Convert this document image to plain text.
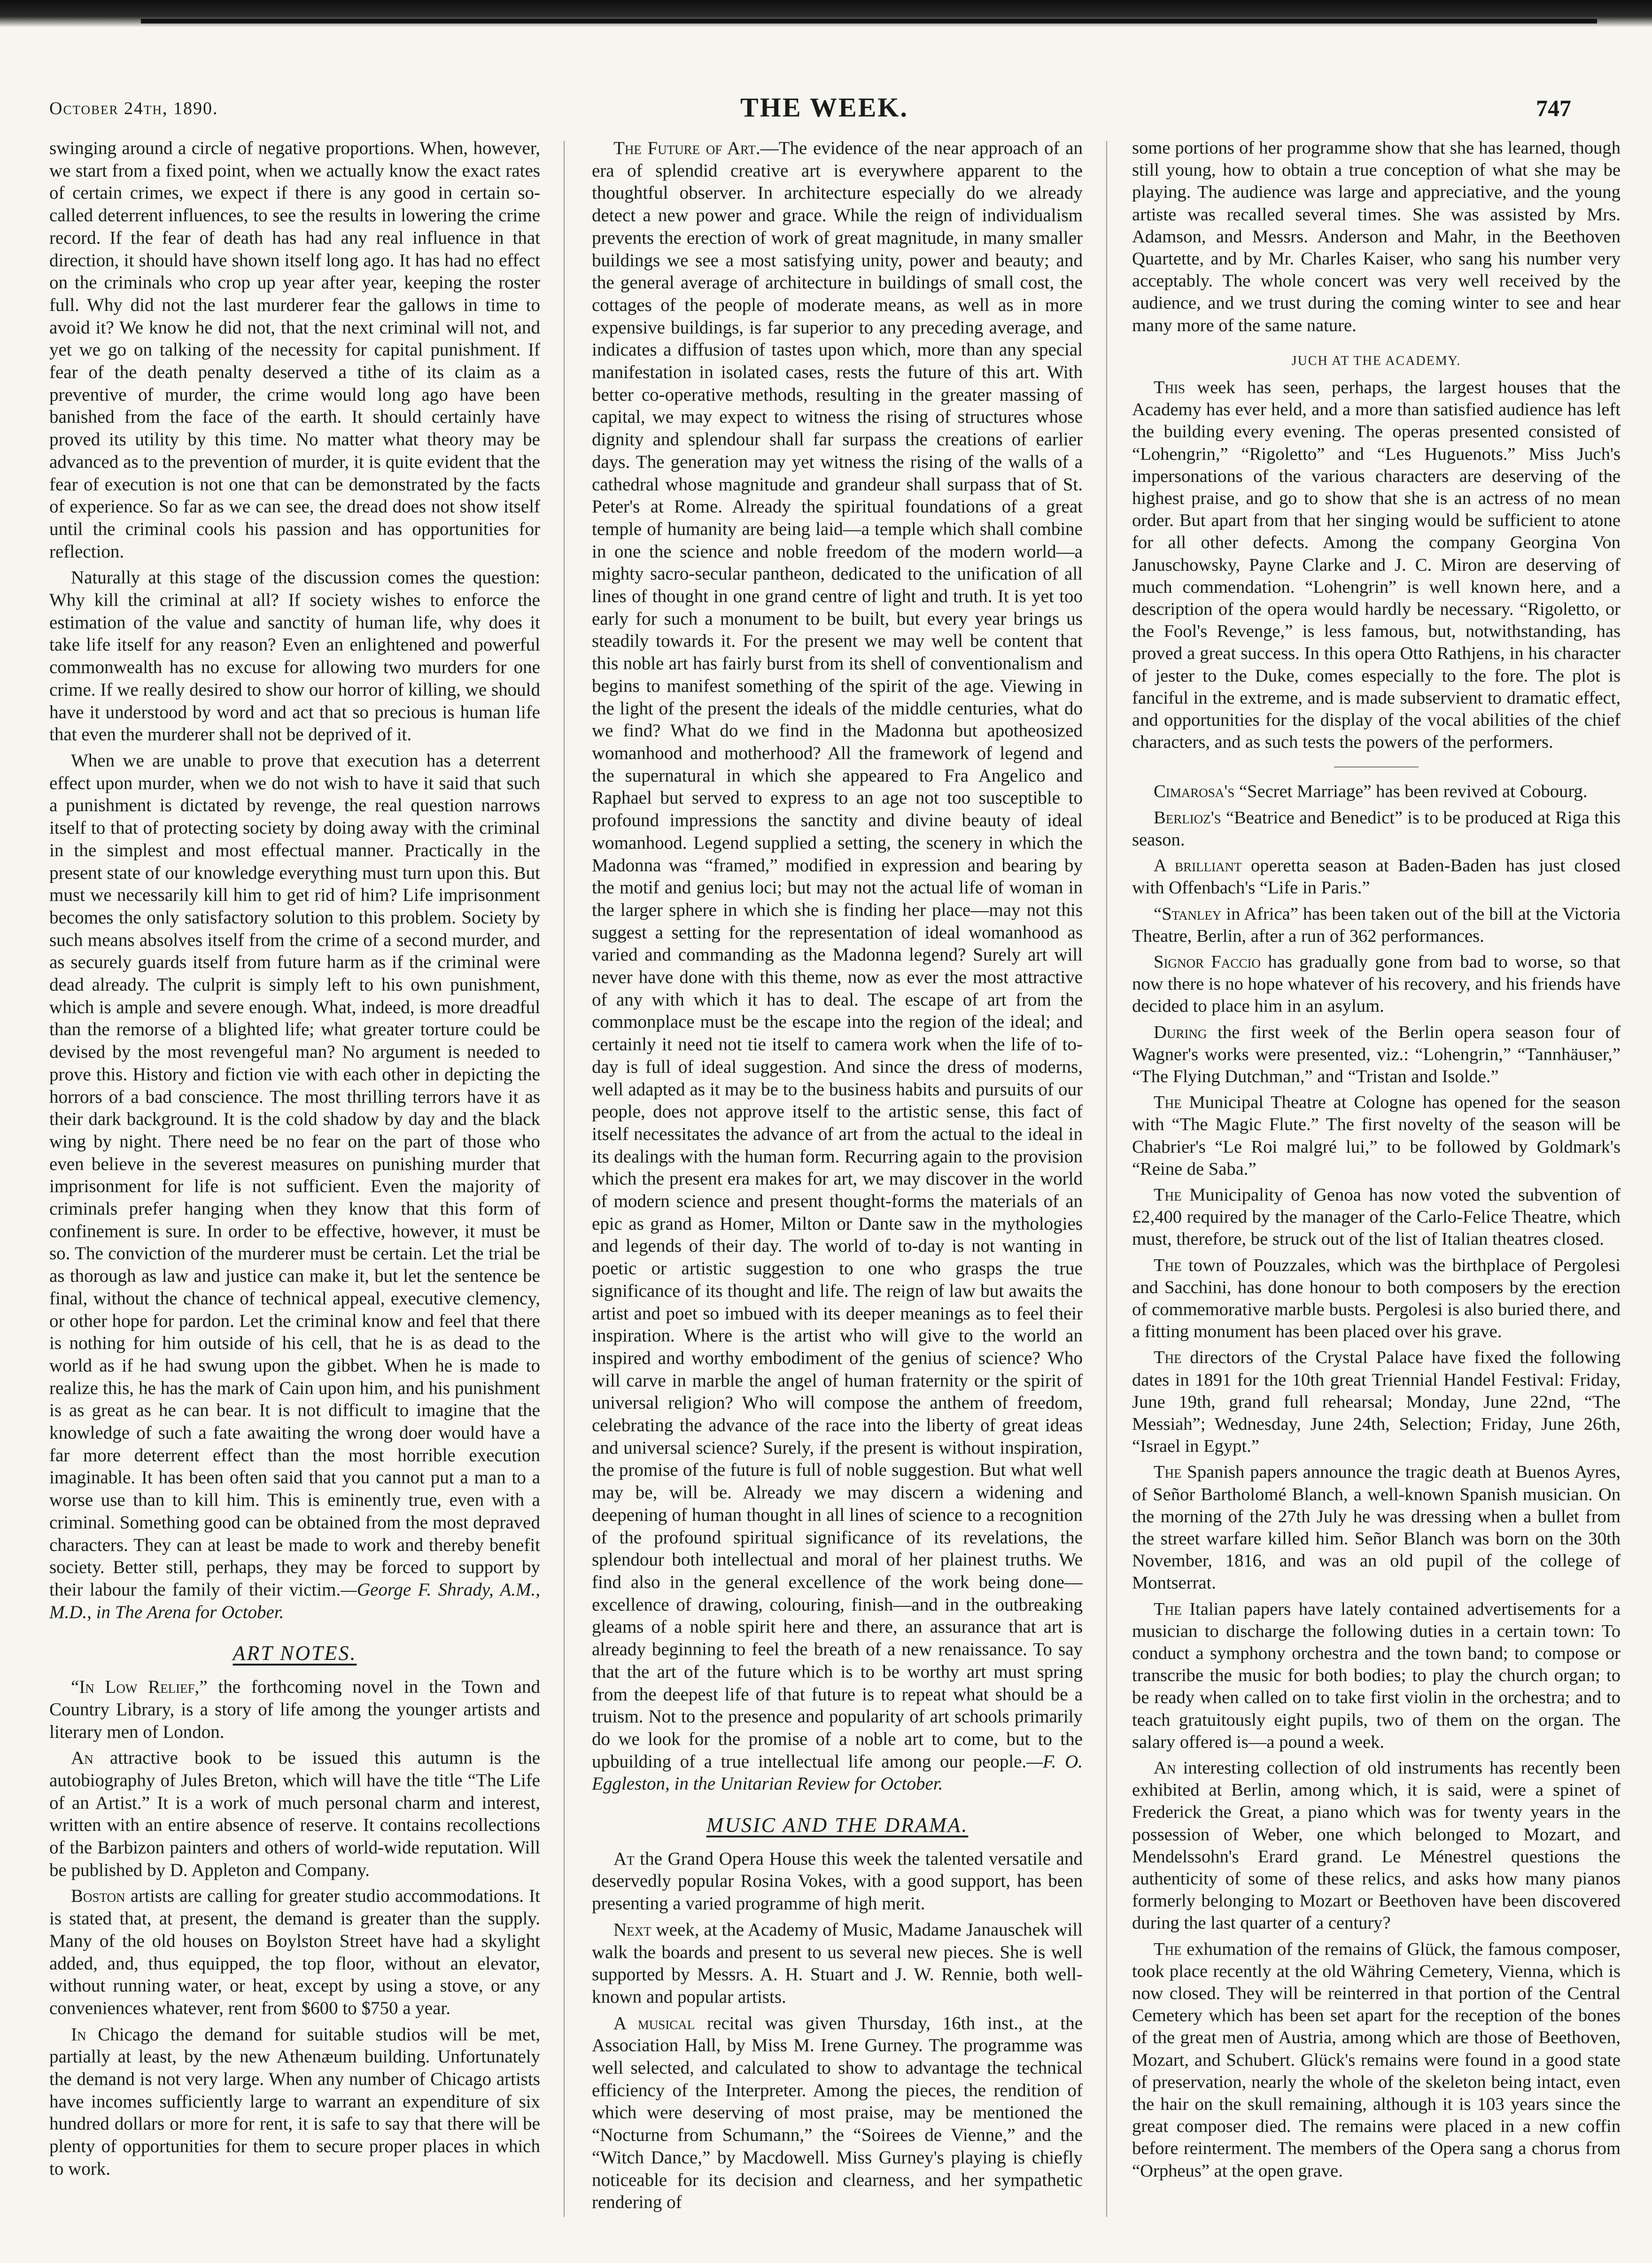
October 24th, 1890.	THE WEEK.	747

swinging around a circle of negative proportions. When, however, we start from a fixed point, when we actually know the exact rates of certain crimes, we expect if there is any good in certain so-called deterrent influences, to see the results in lowering the crime record. If the fear of death has had any real influence in that direction, it should have shown itself long ago. It has had no effect on the criminals who crop up year after year, keeping the roster full. Why did not the last murderer fear the gallows in time to avoid it? We know he did not, that the next criminal will not, and yet we go on talking of the necessity for capital punishment. If fear of the death penalty deserved a tithe of its claim as a preventive of murder, the crime would long ago have been banished from the face of the earth. It should certainly have proved its utility by this time. No matter what theory may be advanced as to the prevention of murder, it is quite evident that the fear of execution is not one that can be demonstrated by the facts of experience. So far as we can see, the dread does not show itself until the criminal cools his passion and has opportunities for reflection.

Naturally at this stage of the discussion comes the question: Why kill the criminal at all? If society wishes to enforce the estimation of the value and sanctity of human life, why does it take life itself for any reason? Even an enlightened and powerful commonwealth has no excuse for allowing two murders for one crime. If we really desired to show our horror of killing, we should have it understood by word and act that so precious is human life that even the murderer shall not be deprived of it.

When we are unable to prove that execution has a deterrent effect upon murder, when we do not wish to have it said that such a punishment is dictated by revenge, the real question narrows itself to that of protecting society by doing away with the criminal in the simplest and most effectual manner. Practically in the present state of our knowledge everything must turn upon this. But must we necessarily kill him to get rid of him? Life imprisonment becomes the only satisfactory solution to this problem. Society by such means absolves itself from the crime of a second murder, and as securely guards itself from future harm as if the criminal were dead already. The culprit is simply left to his own punishment, which is ample and severe enough. What, indeed, is more dreadful than the remorse of a blighted life; what greater torture could be devised by the most revengeful man? No argument is needed to prove this. History and fiction vie with each other in depicting the horrors of a bad conscience. The most thrilling terrors have it as their dark background. It is the cold shadow by day and the black wing by night. There need be no fear on the part of those who even believe in the severest measures on punishing murder that imprisonment for life is not sufficient. Even the majority of criminals prefer hanging when they know that this form of confinement is sure. In order to be effective, however, it must be so. The conviction of the murderer must be certain. Let the trial be as thorough as law and justice can make it, but let the sentence be final, without the chance of technical appeal, executive clemency, or other hope for pardon. Let the criminal know and feel that there is nothing for him outside of his cell, that he is as dead to the world as if he had swung upon the gibbet. When he is made to realize this, he has the mark of Cain upon him, and his punishment is as great as he can bear. It is not difficult to imagine that the knowledge of such a fate awaiting the wrong doer would have a far more deterrent effect than the most horrible execution imaginable. It has been often said that you cannot put a man to a worse use than to kill him. This is eminently true, even with a criminal. Something good can be obtained from the most depraved characters. They can at least be made to work and thereby benefit society. Better still, perhaps, they may be forced to support by their labour the family of their victim.—George F. Shrady, A.M., M.D., in The Arena for October.

ART NOTES.

“In Low Relief,” the forthcoming novel in the Town and Country Library, is a story of life among the younger artists and literary men of London.

An attractive book to be issued this autumn is the autobiography of Jules Breton, which will have the title “The Life of an Artist.” It is a work of much personal charm and interest, written with an entire absence of reserve. It contains recollections of the Barbizon painters and others of world-wide reputation. Will be published by D. Appleton and Company.

Boston artists are calling for greater studio accommodations. It is stated that, at present, the demand is greater than the supply. Many of the old houses on Boylston Street have had a skylight added, and, thus equipped, the top floor, without an elevator, without running water, or heat, except by using a stove, or any conveniences whatever, rent from $600 to $750 a year.

In Chicago the demand for suitable studios will be met, partially at least, by the new Athenæum building. Unfortunately the demand is not very large. When any number of Chicago artists have incomes sufficiently large to warrant an expenditure of six hundred dollars or more for rent, it is safe to say that there will be plenty of opportunities for them to secure proper places in which to work.

The Future of Art.—The evidence of the near approach of an era of splendid creative art is everywhere apparent to the thoughtful observer. In architecture especially do we already detect a new power and grace. While the reign of individualism prevents the erection of work of great magnitude, in many smaller buildings we see a most satisfying unity, power and beauty; and the general average of architecture in buildings of small cost, the cottages of the people of moderate means, as well as in more expensive buildings, is far superior to any preceding average, and indicates a diffusion of tastes upon which, more than any special manifestation in isolated cases, rests the future of this art. With better co-operative methods, resulting in the greater massing of capital, we may expect to witness the rising of structures whose dignity and splendour shall far surpass the creations of earlier days. The generation may yet witness the rising of the walls of a cathedral whose magnitude and grandeur shall surpass that of St. Peter's at Rome. Already the spiritual foundations of a great temple of humanity are being laid—a temple which shall combine in one the science and noble freedom of the modern world—a mighty sacro-secular pantheon, dedicated to the unification of all lines of thought in one grand centre of light and truth. It is yet too early for such a monument to be built, but every year brings us steadily towards it. For the present we may well be content that this noble art has fairly burst from its shell of conventionalism and begins to manifest something of the spirit of the age. Viewing in the light of the present the ideals of the middle centuries, what do we find? What do we find in the Madonna but apotheosized womanhood and motherhood? All the framework of legend and the supernatural in which she appeared to Fra Angelico and Raphael but served to express to an age not too susceptible to profound impressions the sanctity and divine beauty of ideal womanhood. Legend supplied a setting, the scenery in which the Madonna was “framed,” modified in expression and bearing by the motif and genius loci; but may not the actual life of woman in the larger sphere in which she is finding her place—may not this suggest a setting for the representation of ideal womanhood as varied and commanding as the Madonna legend? Surely art will never have done with this theme, now as ever the most attractive of any with which it has to deal. The escape of art from the commonplace must be the escape into the region of the ideal; and certainly it need not tie itself to camera work when the life of to-day is full of ideal suggestion. And since the dress of moderns, well adapted as it may be to the business habits and pursuits of our people, does not approve itself to the artistic sense, this fact of itself necessitates the advance of art from the actual to the ideal in its dealings with the human form. Recurring again to the provision which the present era makes for art, we may discover in the world of modern science and present thought-forms the materials of an epic as grand as Homer, Milton or Dante saw in the mythologies and legends of their day. The world of to-day is not wanting in poetic or artistic suggestion to one who grasps the true significance of its thought and life. The reign of law but awaits the artist and poet so imbued with its deeper meanings as to feel their inspiration. Where is the artist who will give to the world an inspired and worthy embodiment of the genius of science? Who will carve in marble the angel of human fraternity or the spirit of universal religion? Who will compose the anthem of freedom, celebrating the advance of the race into the liberty of great ideas and universal science? Surely, if the present is without inspiration, the promise of the future is full of noble suggestion. But what well may be, will be. Already we may discern a widening and deepening of human thought in all lines of science to a recognition of the profound spiritual significance of its revelations, the splendour both intellectual and moral of her plainest truths. We find also in the general excellence of the work being done—excellence of drawing, colouring, finish—and in the outbreaking gleams of a noble spirit here and there, an assurance that art is already beginning to feel the breath of a new renaissance. To say that the art of the future which is to be worthy art must spring from the deepest life of that future is to repeat what should be a truism. Not to the presence and popularity of art schools primarily do we look for the promise of a noble art to come, but to the upbuilding of a true intellectual life among our people.—F. O. Eggleston, in the Unitarian Review for October.

MUSIC AND THE DRAMA.

At the Grand Opera House this week the talented versatile and deservedly popular Rosina Vokes, with a good support, has been presenting a varied programme of high merit.

Next week, at the Academy of Music, Madame Janauschek will walk the boards and present to us several new pieces. She is well supported by Messrs. A. H. Stuart and J. W. Rennie, both well-known and popular artists.

A musical recital was given Thursday, 16th inst., at the Association Hall, by Miss M. Irene Gurney. The programme was well selected, and calculated to show to advantage the technical efficiency of the Interpreter. Among the pieces, the rendition of which were deserving of most praise, may be mentioned the “Nocturne from Schumann,” the “Soirees de Vienne,” and the “Witch Dance,” by Macdowell. Miss Gurney's playing is chiefly noticeable for its decision and clearness, and her sympathetic rendering of

some portions of her programme show that she has learned, though still young, how to obtain a true conception of what she may be playing. The audience was large and appreciative, and the young artiste was recalled several times. She was assisted by Mrs. Adamson, and Messrs. Anderson and Mahr, in the Beethoven Quartette, and by Mr. Charles Kaiser, who sang his number very acceptably. The whole concert was very well received by the audience, and we trust during the coming winter to see and hear many more of the same nature.

JUCH AT THE ACADEMY.

This week has seen, perhaps, the largest houses that the Academy has ever held, and a more than satisfied audience has left the building every evening. The operas presented consisted of “Lohengrin,” “Rigoletto” and “Les Huguenots.” Miss Juch's impersonations of the various characters are deserving of the highest praise, and go to show that she is an actress of no mean order. But apart from that her singing would be sufficient to atone for all other defects. Among the company Georgina Von Januschowsky, Payne Clarke and J. C. Miron are deserving of much commendation. “Lohengrin” is well known here, and a description of the opera would hardly be necessary. “Rigoletto, or the Fool's Revenge,” is less famous, but, notwithstanding, has proved a great success. In this opera Otto Rathjens, in his character of jester to the Duke, comes especially to the fore. The plot is fanciful in the extreme, and is made subservient to dramatic effect, and opportunities for the display of the vocal abilities of the chief characters, and as such tests the powers of the performers.

Cimarosa's “Secret Marriage” has been revived at Cobourg.

Berlioz's “Beatrice and Benedict” is to be produced at Riga this season.

A brilliant operetta season at Baden-Baden has just closed with Offenbach's “Life in Paris.”

“Stanley in Africa” has been taken out of the bill at the Victoria Theatre, Berlin, after a run of 362 performances.

Signor Faccio has gradually gone from bad to worse, so that now there is no hope whatever of his recovery, and his friends have decided to place him in an asylum.

During the first week of the Berlin opera season four of Wagner's works were presented, viz.: “Lohengrin,” “Tannhäuser,” “The Flying Dutchman,” and “Tristan and Isolde.”

The Municipal Theatre at Cologne has opened for the season with “The Magic Flute.” The first novelty of the season will be Chabrier's “Le Roi malgré lui,” to be followed by Goldmark's “Reine de Saba.”

The Municipality of Genoa has now voted the subvention of £2,400 required by the manager of the Carlo-Felice Theatre, which must, therefore, be struck out of the list of Italian theatres closed.

The town of Pouzzales, which was the birthplace of Pergolesi and Sacchini, has done honour to both composers by the erection of commemorative marble busts. Pergolesi is also buried there, and a fitting monument has been placed over his grave.

The directors of the Crystal Palace have fixed the following dates in 1891 for the 10th great Triennial Handel Festival: Friday, June 19th, grand full rehearsal; Monday, June 22nd, “The Messiah”; Wednesday, June 24th, Selection; Friday, June 26th, “Israel in Egypt.”

The Spanish papers announce the tragic death at Buenos Ayres, of Señor Bartholomé Blanch, a well-known Spanish musician. On the morning of the 27th July he was dressing when a bullet from the street warfare killed him. Señor Blanch was born on the 30th November, 1816, and was an old pupil of the college of Montserrat.

The Italian papers have lately contained advertisements for a musician to discharge the following duties in a certain town: To conduct a symphony orchestra and the town band; to compose or transcribe the music for both bodies; to play the church organ; to be ready when called on to take first violin in the orchestra; and to teach gratuitously eight pupils, two of them on the organ. The salary offered is—a pound a week.

An interesting collection of old instruments has recently been exhibited at Berlin, among which, it is said, were a spinet of Frederick the Great, a piano which was for twenty years in the possession of Weber, one which belonged to Mozart, and Mendelssohn's Erard grand. Le Ménestrel questions the authenticity of some of these relics, and asks how many pianos formerly belonging to Mozart or Beethoven have been discovered during the last quarter of a century?

The exhumation of the remains of Glück, the famous composer, took place recently at the old Währing Cemetery, Vienna, which is now closed. They will be reinterred in that portion of the Central Cemetery which has been set apart for the reception of the bones of the great men of Austria, among which are those of Beethoven, Mozart, and Schubert. Glück's remains were found in a good state of preservation, nearly the whole of the skeleton being intact, even the hair on the skull remaining, although it is 103 years since the great composer died. The remains were placed in a new coffin before reinterment. The members of the Opera sang a chorus from “Orpheus” at the open grave.
